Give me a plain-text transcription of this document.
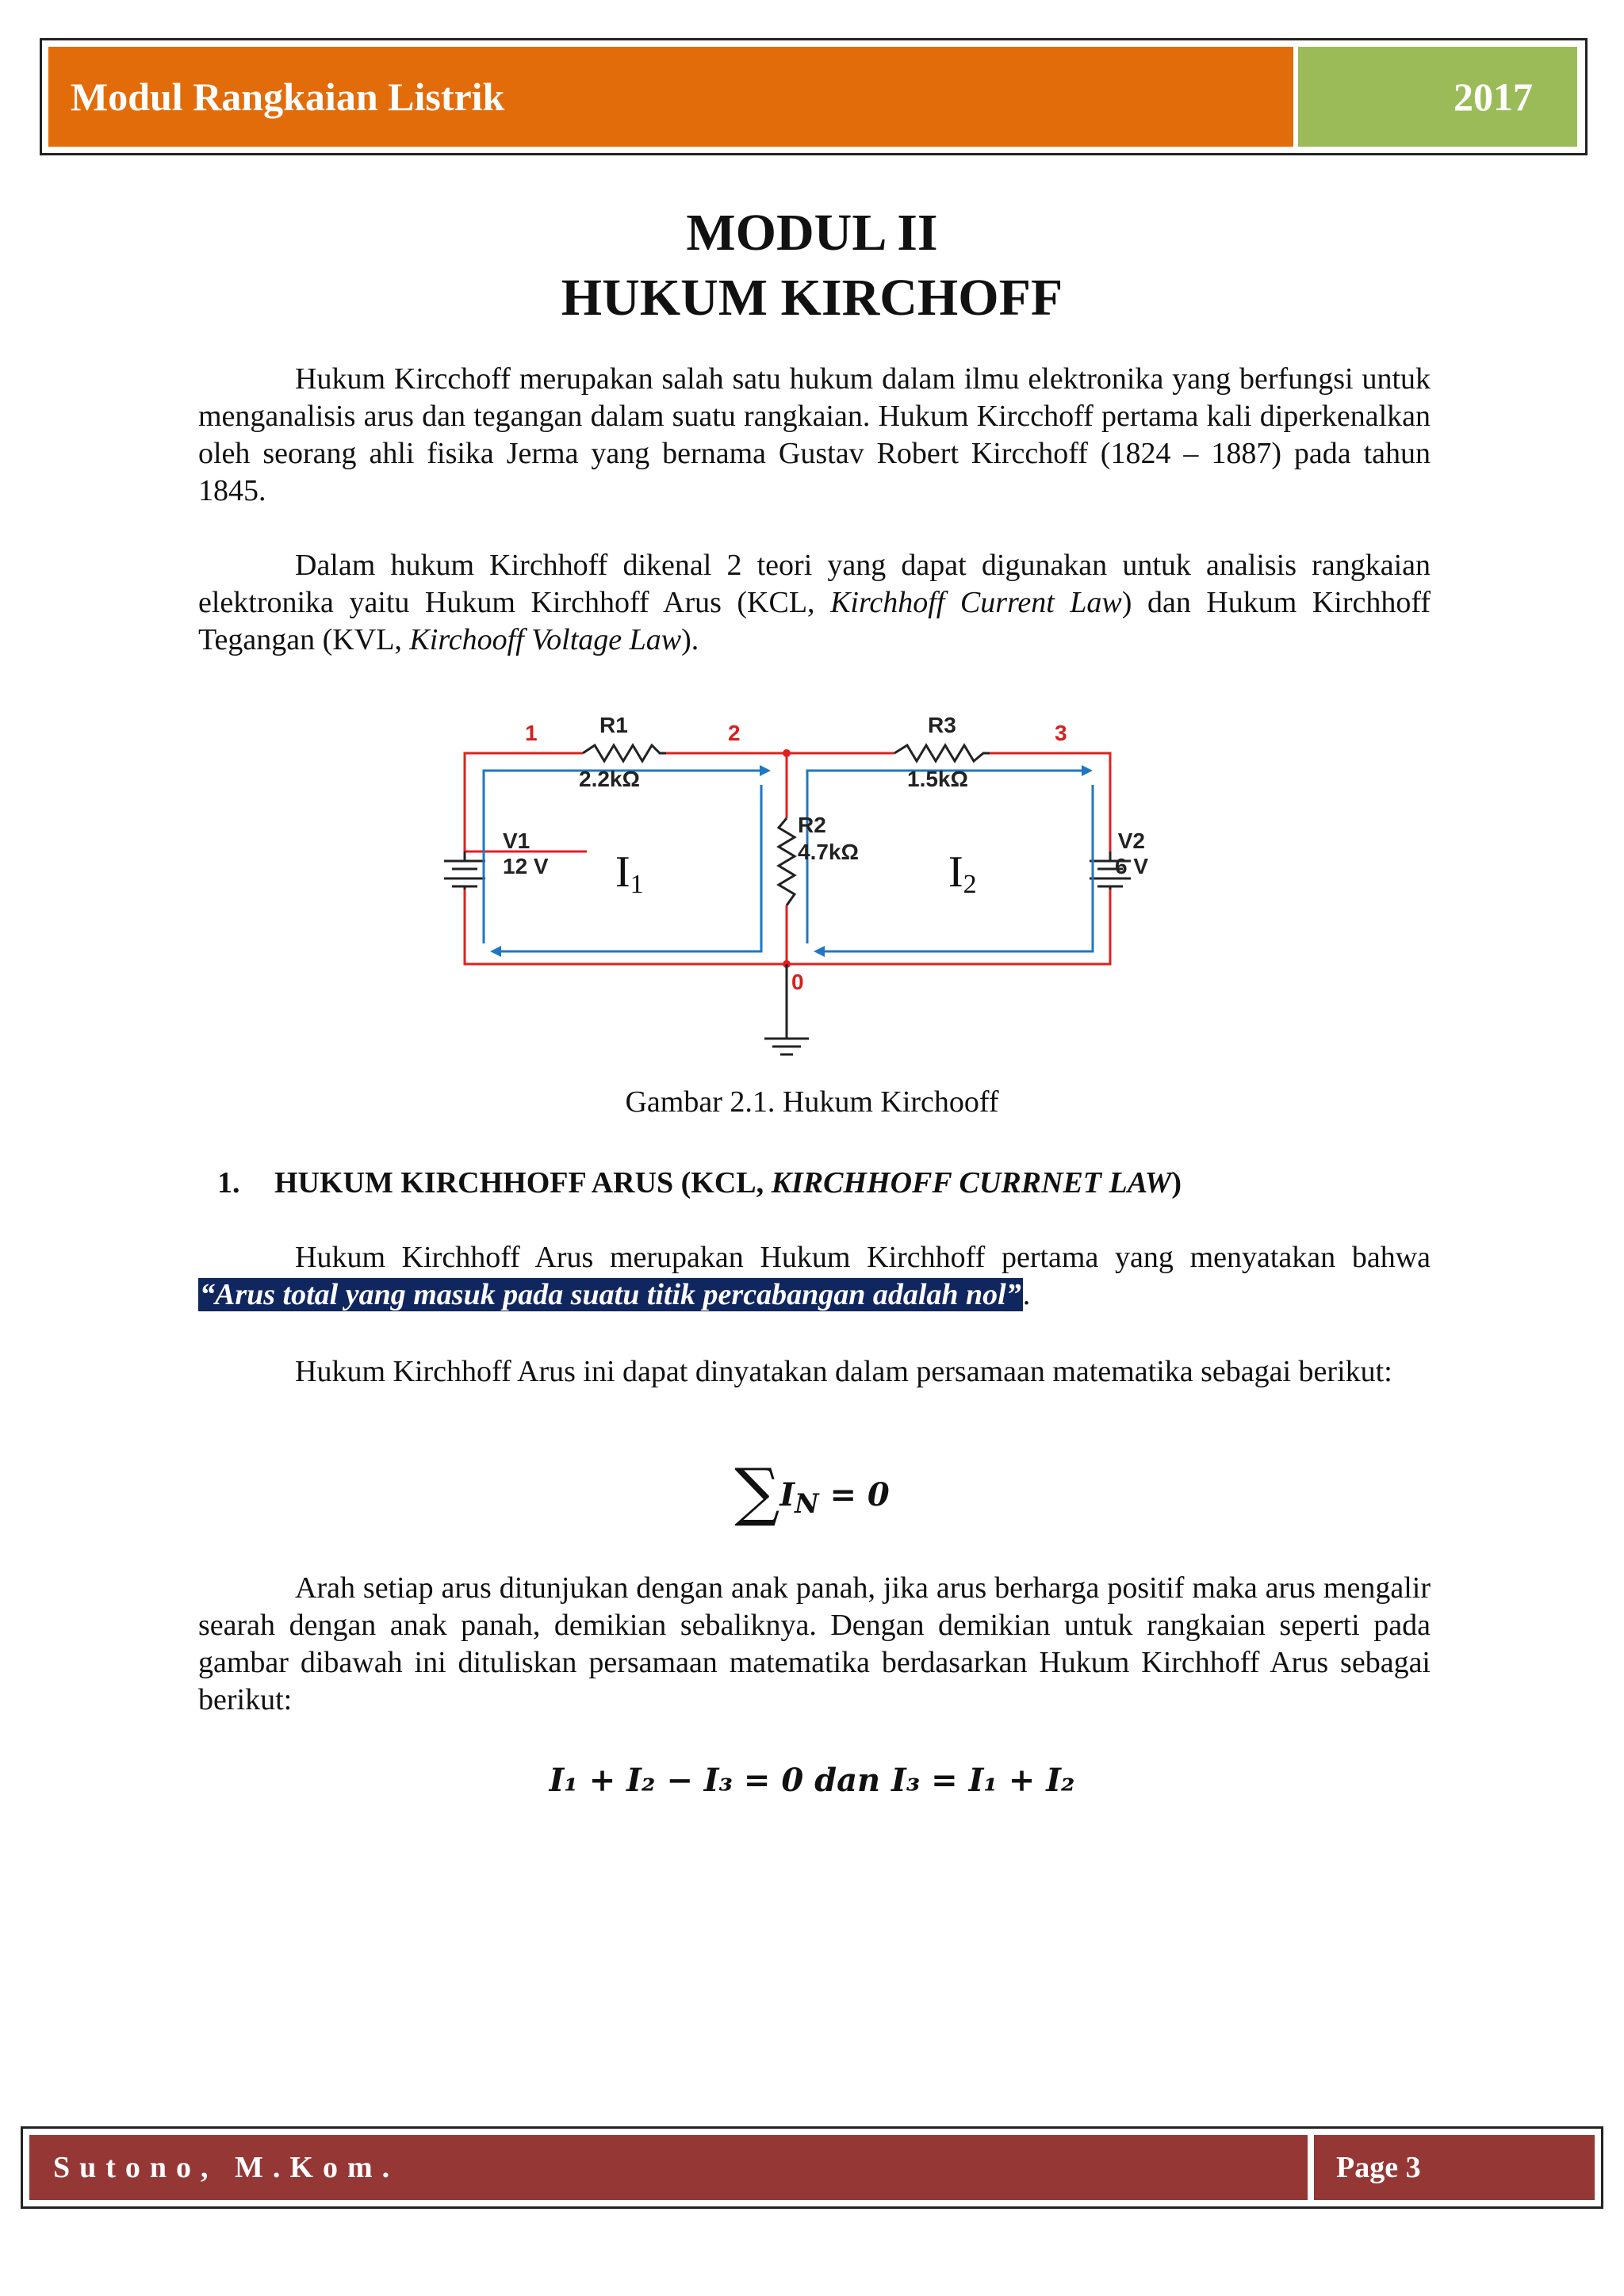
Modul Rangkaian Listrik	2017
MODUL II
HUKUM KIRCHOFF
Hukum Kircchoff merupakan salah satu hukum dalam ilmu elektronika yang berfungsi untuk menganalisis arus dan tegangan dalam suatu rangkaian. Hukum Kircchoff pertama kali diperkenalkan oleh seorang ahli fisika Jerma yang bernama Gustav Robert Kircchoff (1824 – 1887) pada tahun 1845.
Dalam hukum Kirchhoff dikenal 2 teori yang dapat digunakan untuk analisis rangkaian elektronika yaitu Hukum Kirchhoff Arus (KCL, Kirchhoff Current Law) dan Hukum Kirchhoff Tegangan (KVL, Kirchooff Voltage Law).
1	2	3
0
R1
2.2kΩ
R3
1.5kΩ
R2
4.7kΩ
V1
12 V
V2
6 V
I1	I2
Gambar 2.1. Hukum Kirchooff
1. HUKUM KIRCHHOFF ARUS (KCL, KIRCHHOFF CURRNET LAW)
Hukum Kirchhoff Arus merupakan Hukum Kirchhoff pertama yang menyatakan bahwa “Arus total yang masuk pada suatu titik percabangan adalah nol”.
Hukum Kirchhoff Arus ini dapat dinyatakan dalam persamaan matematika sebagai berikut:
$\sum I_N = 0$
Arah setiap arus ditunjukan dengan anak panah, jika arus berharga positif maka arus mengalir searah dengan anak panah, demikian sebaliknya. Dengan demikian untuk rangkaian seperti pada gambar dibawah ini dituliskan persamaan matematika berdasarkan Hukum Kirchhoff Arus sebagai berikut:
I₁ + I₂ − I₃ = 0 dan I₃ = I₁ + I₂
Sutono, M.Kom.	Page 3
